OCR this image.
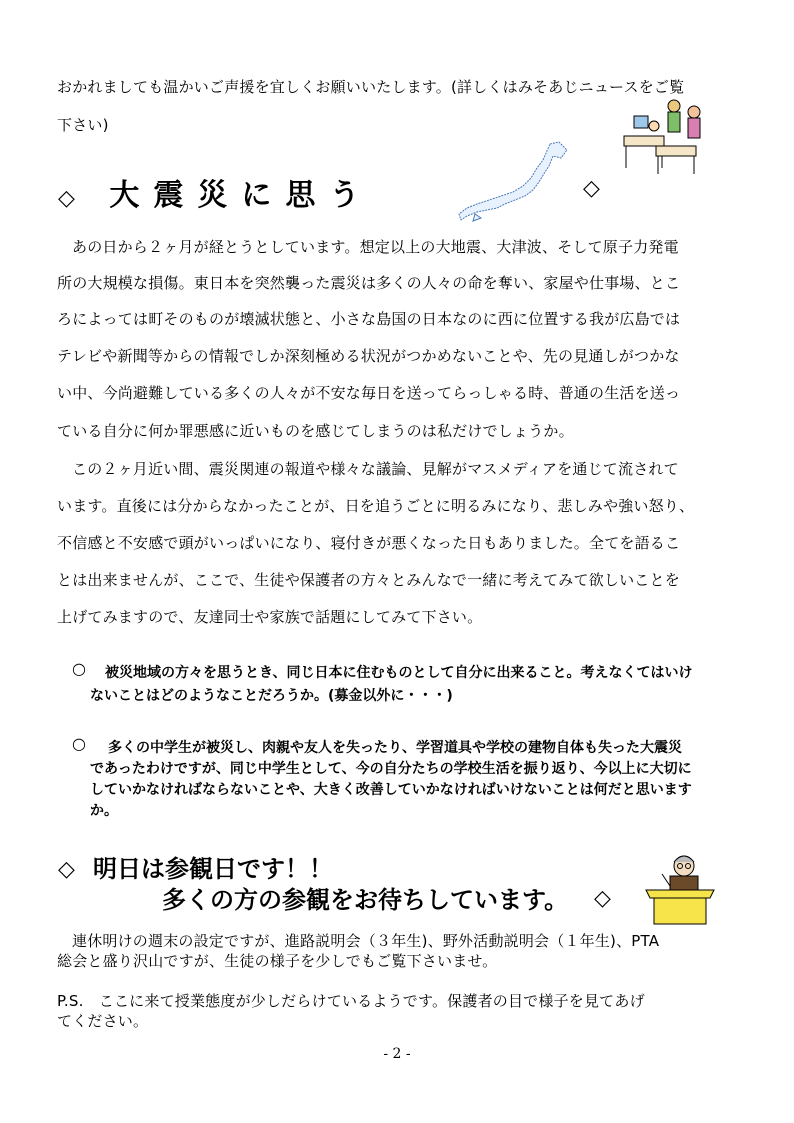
おかれましても温かいご声援を宜しくお願いいたします。(詳しくはみそあじニュースをご覧
下さい)
◇ 大震災に思う	◇
あの日から２ヶ月が経とうとしています。想定以上の大地震、大津波、そして原子力発電
所の大規模な損傷。東日本を突然襲った震災は多くの人々の命を奪い、家屋や仕事場、とこ
ろによっては町そのものが壊滅状態と、小さな島国の日本なのに西に位置する我が広島では
テレビや新聞等からの情報でしか深刻極める状況がつかめないことや、先の見通しがつかな
い中、今尚避難している多くの人々が不安な毎日を送ってらっしゃる時、普通の生活を送っ
ている自分に何か罪悪感に近いものを感じてしまうのは私だけでしょうか。
この２ヶ月近い間、震災関連の報道や様々な議論、見解がマスメディアを通じて流されて
います。直後には分からなかったことが、日を追うごとに明るみになり、悲しみや強い怒り、
不信感と不安感で頭がいっぱいになり、寝付きが悪くなった日もありました。全てを語るこ
とは出来ませんが、ここで、生徒や保護者の方々とみんなで一緒に考えてみて欲しいことを
上げてみますので、友達同士や家族で話題にしてみて下さい。
○ 被災地域の方々を思うとき、同じ日本に住むものとして自分に出来ること。考えなくてはいけ
ないことはどのようなことだろうか。(募金以外に・・・)
○ 多くの中学生が被災し、肉親や友人を失ったり、学習道具や学校の建物自体も失った大震災
であったわけですが、同じ中学生として、今の自分たちの学校生活を振り返り、今以上に大切に
していかなければならないことや、大きく改善していかなければいけないことは何だと思います
か。
◇ 明日は参観日です！！
多くの方の参観をお待ちしています。 ◇
連休明けの週末の設定ですが、進路説明会（３年生)、野外活動説明会（１年生)、PTA
総会と盛り沢山ですが、生徒の様子を少しでもご覧下さいませ。
P.S.　ここに来て授業態度が少しだらけているようです。保護者の目で様子を見てあげ
てください。
- 2 -
